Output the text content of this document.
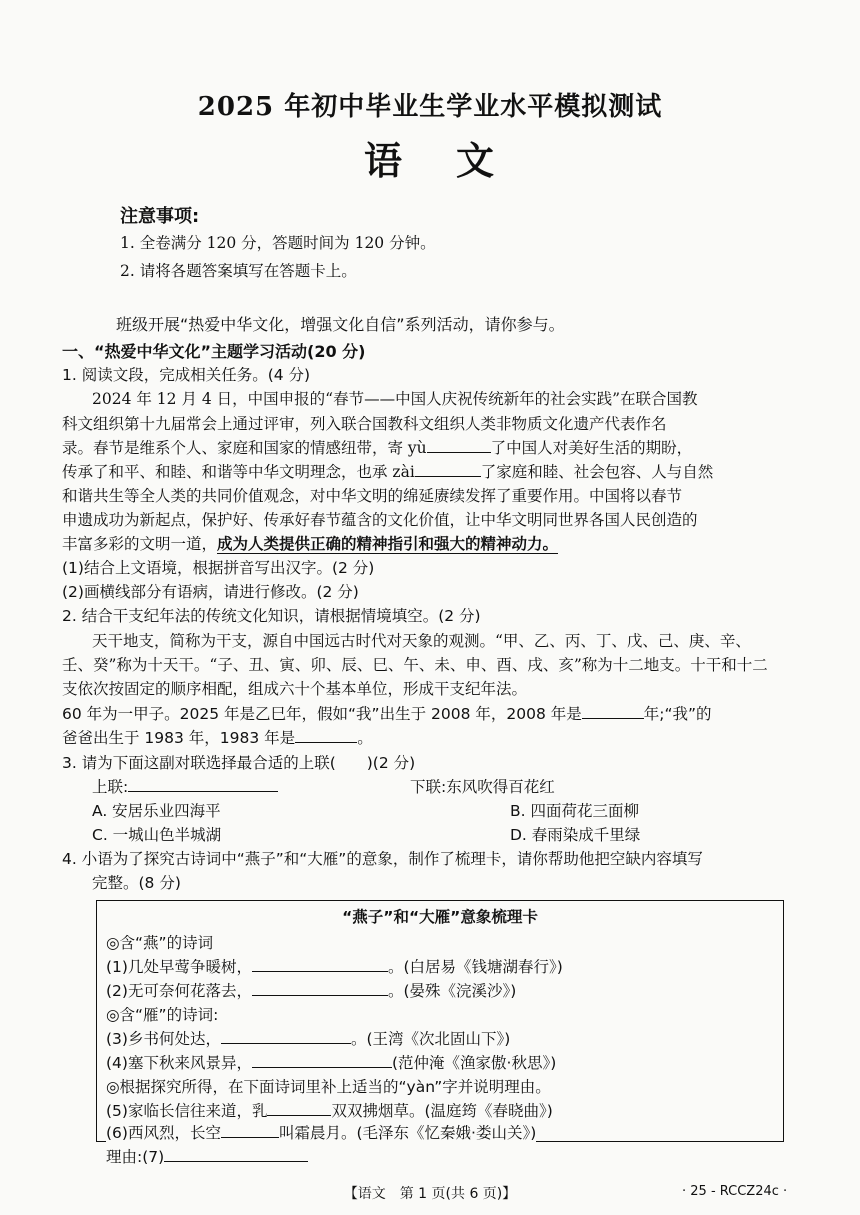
2025 年初中毕业生学业水平模拟测试
语 文
注意事项:
1. 全卷满分 120 分，答题时间为 120 分钟。
2. 请将各题答案填写在答题卡上。
班级开展“热爱中华文化，增强文化自信”系列活动，请你参与。
一、“热爱中华文化”主题学习活动(20 分)
1. 阅读文段，完成相关任务。(4 分)
2024 年 12 月 4 日，中国申报的“春节——中国人庆祝传统新年的社会实践”在联合国教
科文组织第十九届常会上通过评审，列入联合国教科文组织人类非物质文化遗产代表作名
录。春节是维系个人、家庭和国家的情感纽带，寄 yù	了中国人对美好生活的期盼，
传承了和平、和睦、和谐等中华文明理念，也承 zài	了家庭和睦、社会包容、人与自然
和谐共生等全人类的共同价值观念，对中华文明的绵延赓续发挥了重要作用。中国将以春节
申遗成功为新起点，保护好、传承好春节蕴含的文化价值，让中华文明同世界各国人民创造的
丰富多彩的文明一道，成为人类提供正确的精神指引和强大的精神动力。
(1)结合上文语境，根据拼音写出汉字。(2 分)
(2)画横线部分有语病，请进行修改。(2 分)
2. 结合干支纪年法的传统文化知识，请根据情境填空。(2 分)
天干地支，简称为干支，源自中国远古时代对天象的观测。“甲、乙、丙、丁、戊、己、庚、辛、
壬、癸”称为十天干。“子、丑、寅、卯、辰、巳、午、未、申、酉、戌、亥”称为十二地支。十干和十二
支依次按固定的顺序相配，组成六十个基本单位，形成干支纪年法。
60 年为一甲子。2025 年是乙巳年，假如“我”出生于 2008 年，2008 年是	年;“我”的
爸爸出生于 1983 年，1983 年是	。
3. 请为下面这副对联选择最合适的上联(　　)(2 分)
上联:	下联:东风吹得百花红
A. 安居乐业四海平	B. 四面荷花三面柳
C. 一城山色半城湖	D. 春雨染成千里绿
4. 小语为了探究古诗词中“燕子”和“大雁”的意象，制作了梳理卡，请你帮助他把空缺内容填写
完整。(8 分)
“燕子”和“大雁”意象梳理卡
◎含“燕”的诗词
(1)几处早莺争暖树，	。(白居易《钱塘湖春行》)
(2)无可奈何花落去，	。(晏殊《浣溪沙》)
◎含“雁”的诗词:
(3)乡书何处达，	。(王湾《次北固山下》)
(4)塞下秋来风景异，	(范仲淹《渔家傲·秋思》)
◎根据探究所得，在下面诗词里补上适当的“yàn”字并说明理由。
(5)家临长信往来道，乳	双双拂烟草。(温庭筠《春晓曲》)
(6)西风烈，长空	叫霜晨月。(毛泽东《忆秦娥·娄山关》)
理由:(7)
【语文　第 1 页(共 6 页)】	· 25 - RCCZ24c ·
